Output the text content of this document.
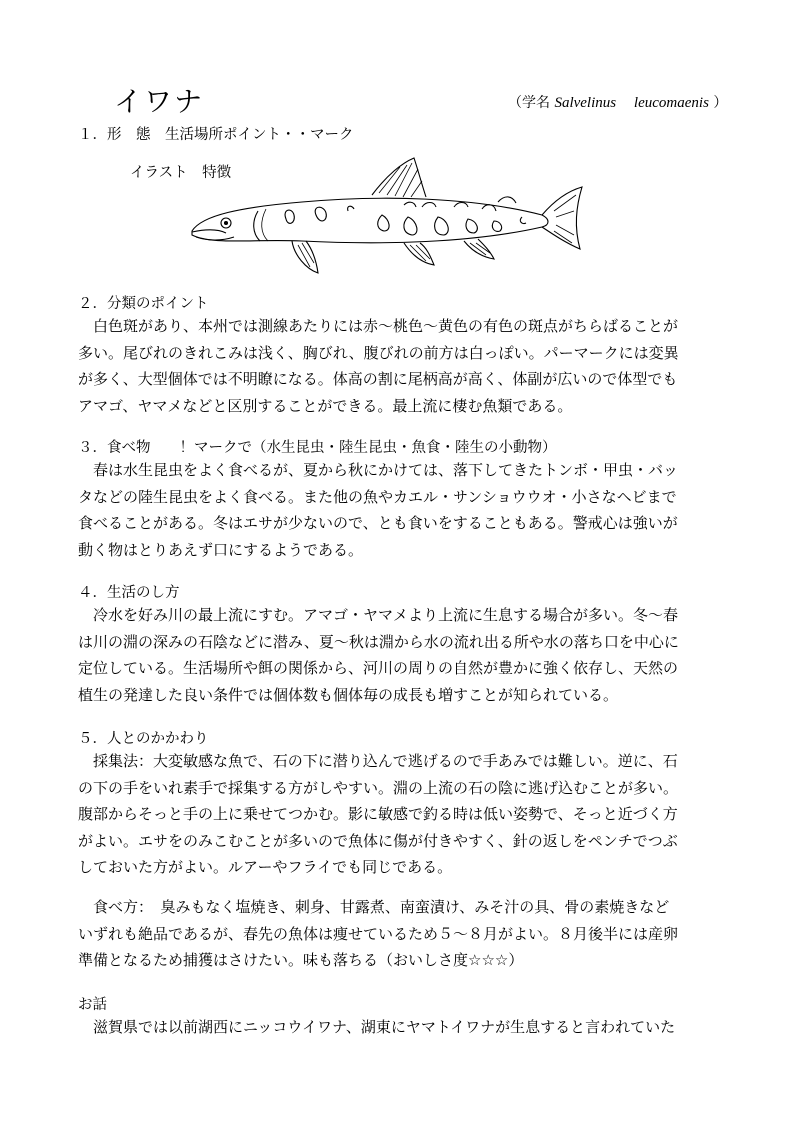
イワナ	（学名 Salvelinus leucomaenis ）
１．形　態　生活場所ポイント・・マーク
イラスト　特徴
２．分類のポイント
　白色斑があり、本州では測線あたりには赤～桃色～黄色の有色の斑点がちらばることが
多い。尾びれのきれこみは浅く、胸びれ、腹びれの前方は白っぽい。パーマークには変異
が多く、大型個体では不明瞭になる。体高の割に尾柄高が高く、体副が広いので体型でも
アマゴ、ヤマメなどと区別することができる。最上流に棲む魚類である。
３．食べ物　　！マークで（水生昆虫・陸生昆虫・魚食・陸生の小動物）
　春は水生昆虫をよく食べるが、夏から秋にかけては、落下してきたトンボ・甲虫・バッ
タなどの陸生昆虫をよく食べる。また他の魚やカエル・サンショウウオ・小さなヘビまで
食べることがある。冬はエサが少ないので、とも食いをすることもある。警戒心は強いが
動く物はとりあえず口にするようである。
４．生活のし方
　冷水を好み川の最上流にすむ。アマゴ・ヤマメより上流に生息する場合が多い。冬～春
は川の淵の深みの石陰などに潜み、夏～秋は淵から水の流れ出る所や水の落ち口を中心に
定位している。生活場所や餌の関係から、河川の周りの自然が豊かに強く依存し、天然の
植生の発達した良い条件では個体数も個体毎の成長も増すことが知られている。
５．人とのかかわり
　採集法：大変敏感な魚で、石の下に潜り込んで逃げるので手あみでは難しい。逆に、石
の下の手をいれ素手で採集する方がしやすい。淵の上流の石の陰に逃げ込むことが多い。
腹部からそっと手の上に乗せてつかむ。影に敏感で釣る時は低い姿勢で、そっと近づく方
がよい。エサをのみこむことが多いので魚体に傷が付きやすく、針の返しをペンチでつぶ
しておいた方がよい。ルアーやフライでも同じである。
　食べ方：　臭みもなく塩焼き、刺身、甘露煮、南蛮漬け、みそ汁の具、骨の素焼きなど
いずれも絶品であるが、春先の魚体は痩せているため５～８月がよい。８月後半には産卵
準備となるため捕獲はさけたい。味も落ちる（おいしさ度☆☆☆）
お話
　滋賀県では以前湖西にニッコウイワナ、湖東にヤマトイワナが生息すると言われていた
